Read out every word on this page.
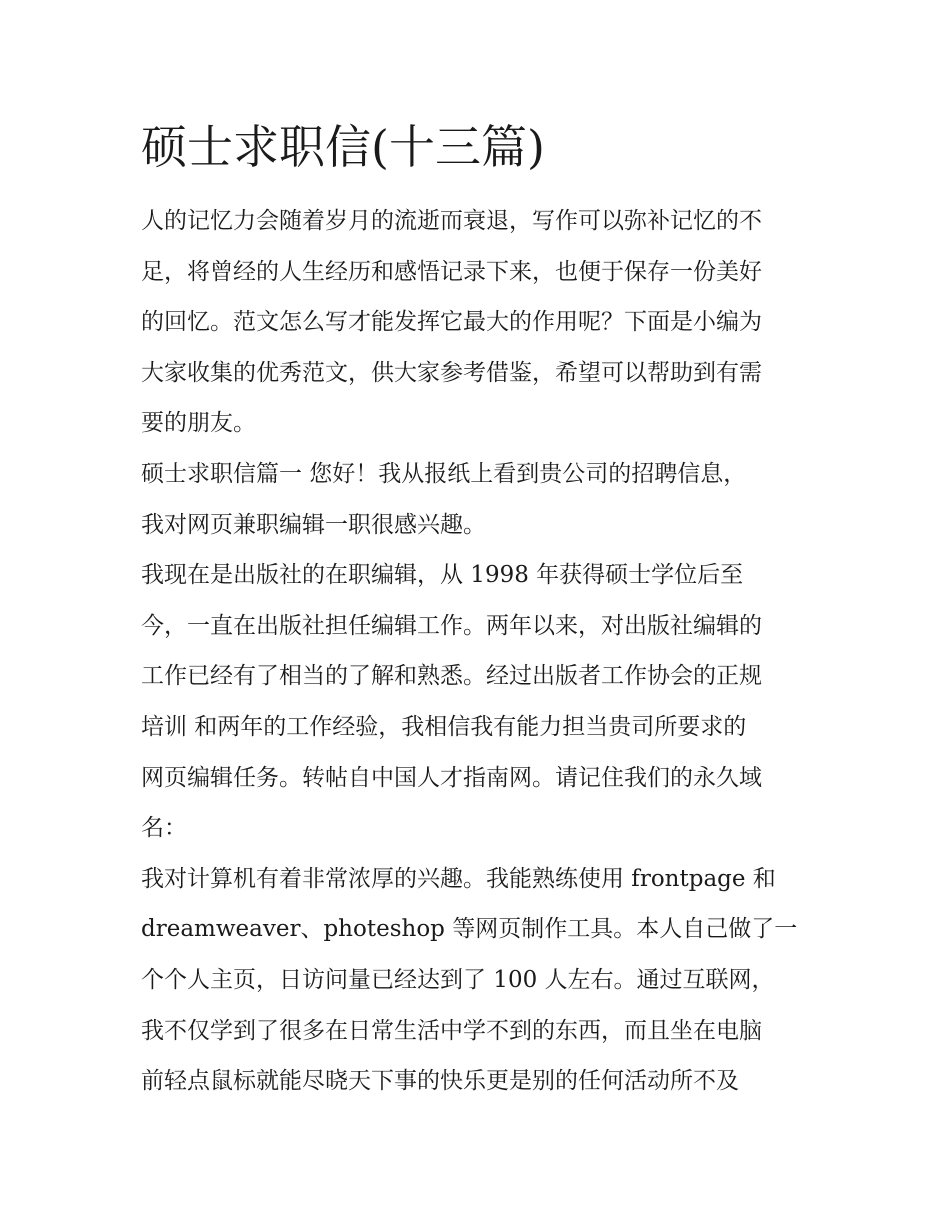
硕士求职信(十三篇)
人的记忆力会随着岁月的流逝而衰退，写作可以弥补记忆的不
足，将曾经的人生经历和感悟记录下来，也便于保存一份美好
的回忆。范文怎么写才能发挥它最大的作用呢？下面是小编为
大家收集的优秀范文，供大家参考借鉴，希望可以帮助到有需
要的朋友。
硕士求职信篇一 您好！我从报纸上看到贵公司的招聘信息，
我对网页兼职编辑一职很感兴趣。
我现在是出版社的在职编辑，从 1998 年获得硕士学位后至
今，一直在出版社担任编辑工作。两年以来，对出版社编辑的
工作已经有了相当的了解和熟悉。经过出版者工作协会的正规
培训 和两年的工作经验，我相信我有能力担当贵司所要求的
网页编辑任务。转帖自中国人才指南网。请记住我们的永久域
名：
我对计算机有着非常浓厚的兴趣。我能熟练使用 frontpage 和
dreamweaver、photeshop 等网页制作工具。本人自己做了一
个个人主页，日访问量已经达到了 100 人左右。通过互联网，
我不仅学到了很多在日常生活中学不到的东西，而且坐在电脑
前轻点鼠标就能尽晓天下事的快乐更是别的任何活动所不及
